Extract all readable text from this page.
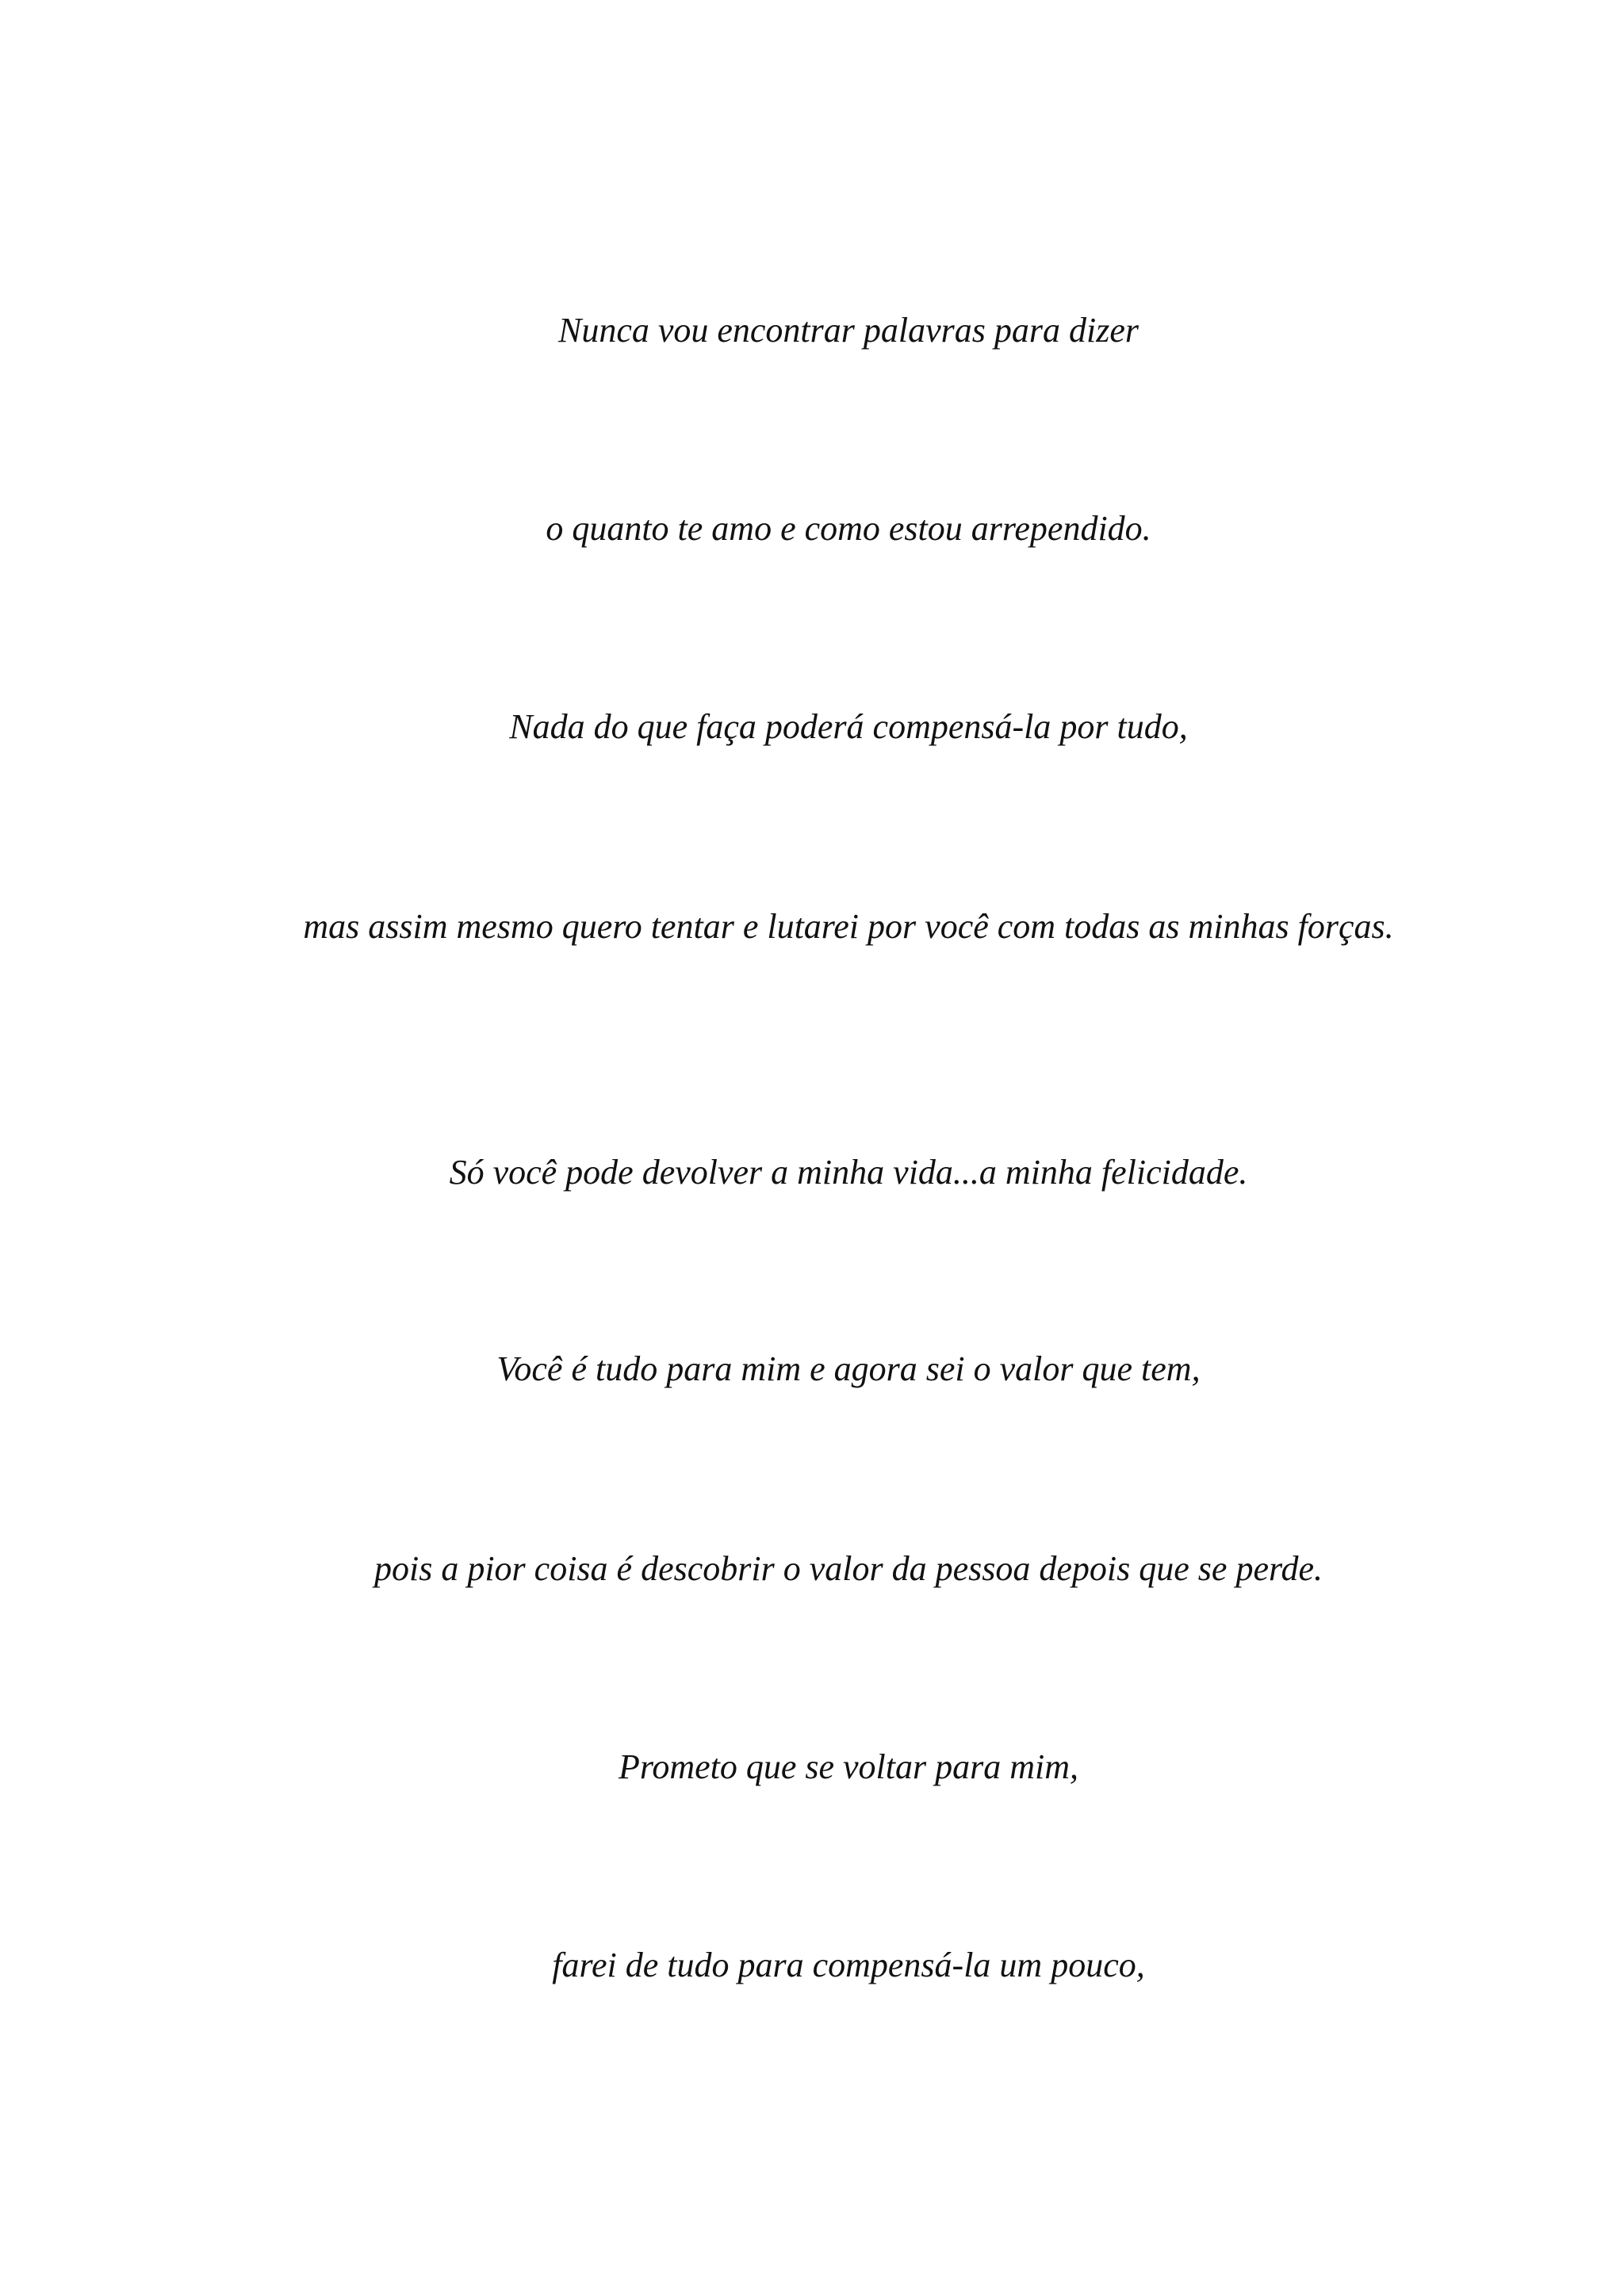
Nunca vou encontrar palavras para dizer

o quanto te amo e como estou arrependido.

Nada do que faça poderá compensá-la por tudo,

mas assim mesmo quero tentar e lutarei por você com todas as minhas forças.

Só você pode devolver a minha vida...a minha felicidade.

Você é tudo para mim e agora sei o valor que tem,

pois a pior coisa é descobrir o valor da pessoa depois que se perde.

Prometo que se voltar para mim,

farei de tudo para compensá-la um pouco,
